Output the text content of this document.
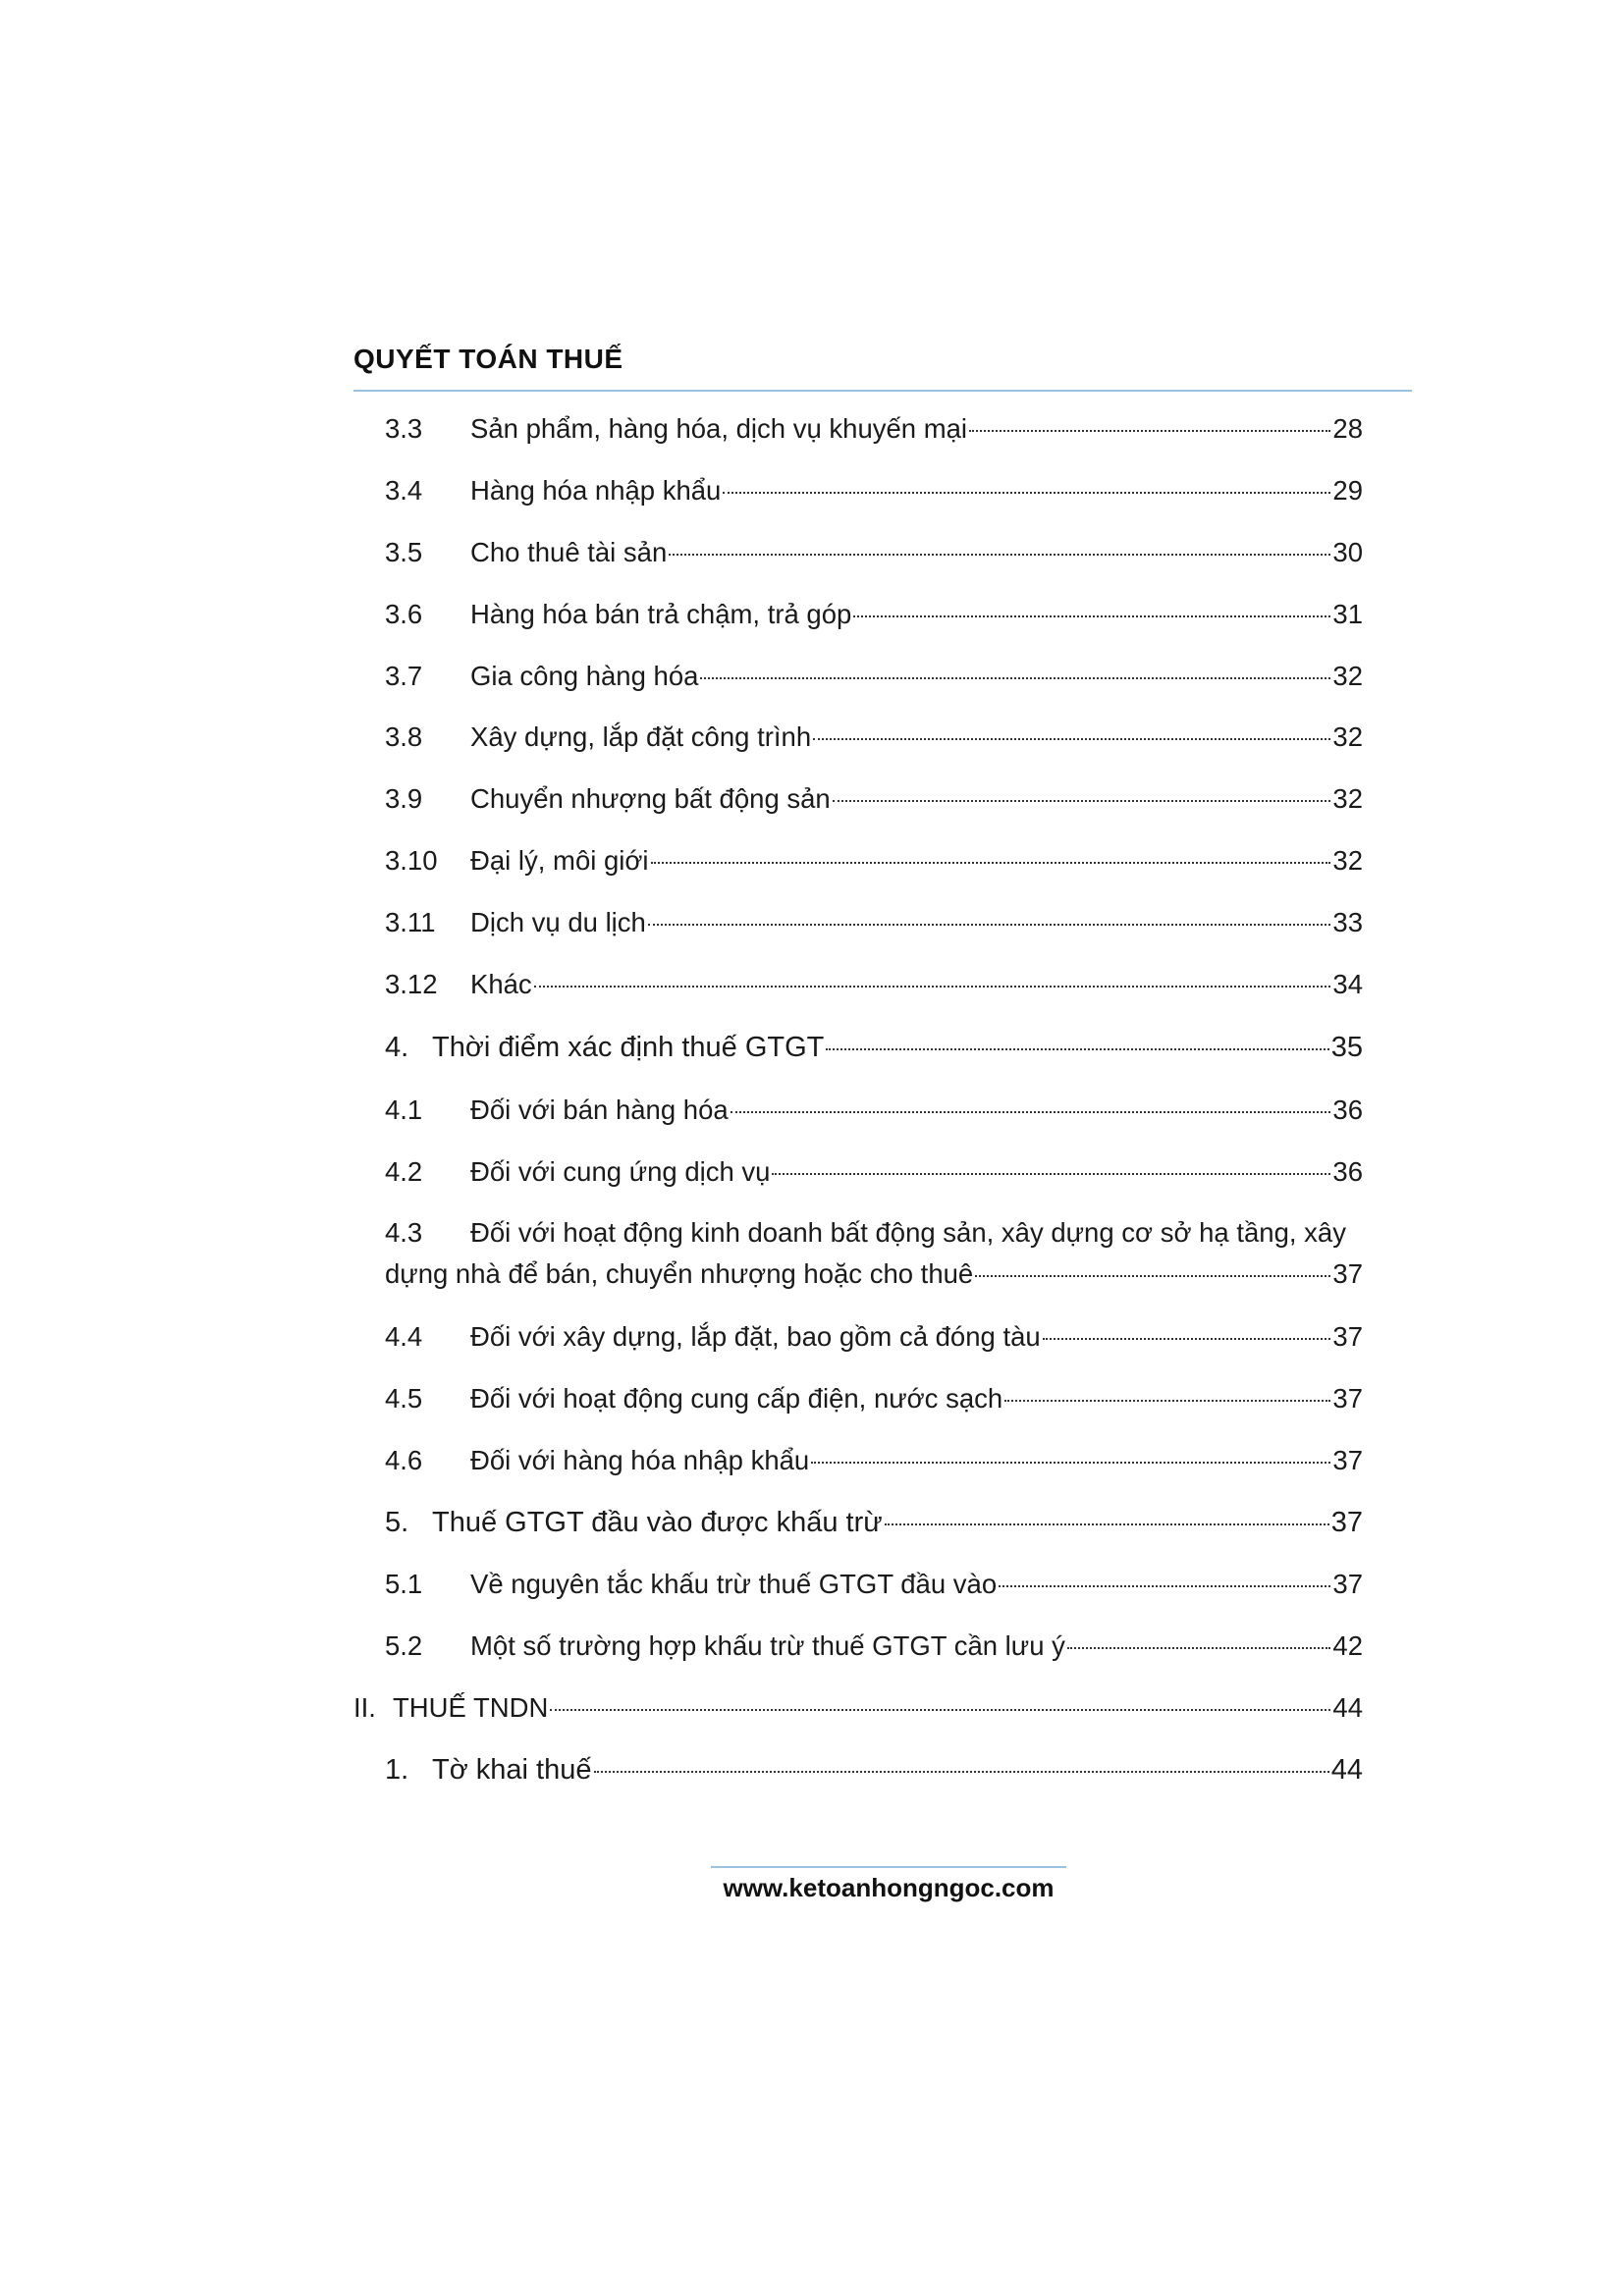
QUYẾT TOÁN THUẾ
3.3	Sản phẩm, hàng hóa, dịch vụ khuyến mại	28
3.4	Hàng hóa nhập khẩu	29
3.5	Cho thuê tài sản	30
3.6	Hàng hóa bán trả chậm, trả góp	31
3.7	Gia công hàng hóa	32
3.8	Xây dựng, lắp đặt công trình	32
3.9	Chuyển nhượng bất động sản	32
3.10	Đại lý, môi giới	32
3.11	Dịch vụ du lịch	33
3.12	Khác	34
4. Thời điểm xác định thuế GTGT	35
4.1	Đối với bán hàng hóa	36
4.2	Đối với cung ứng dịch vụ	36
4.3	Đối với hoạt động kinh doanh bất động sản, xây dựng cơ sở hạ tầng, xây
dựng nhà để bán, chuyển nhượng hoặc cho thuê	37
4.4	Đối với xây dựng, lắp đặt, bao gồm cả đóng tàu	37
4.5	Đối với hoạt động cung cấp điện, nước sạch	37
4.6	Đối với hàng hóa nhập khẩu	37
5. Thuế GTGT đầu vào được khấu trừ	37
5.1	Về nguyên tắc khấu trừ thuế GTGT đầu vào	37
5.2	Một số trường hợp khấu trừ thuế GTGT cần lưu ý	42
II. THUẾ TNDN	44
1. Tờ khai thuế	44
www.ketoanhongngoc.com
